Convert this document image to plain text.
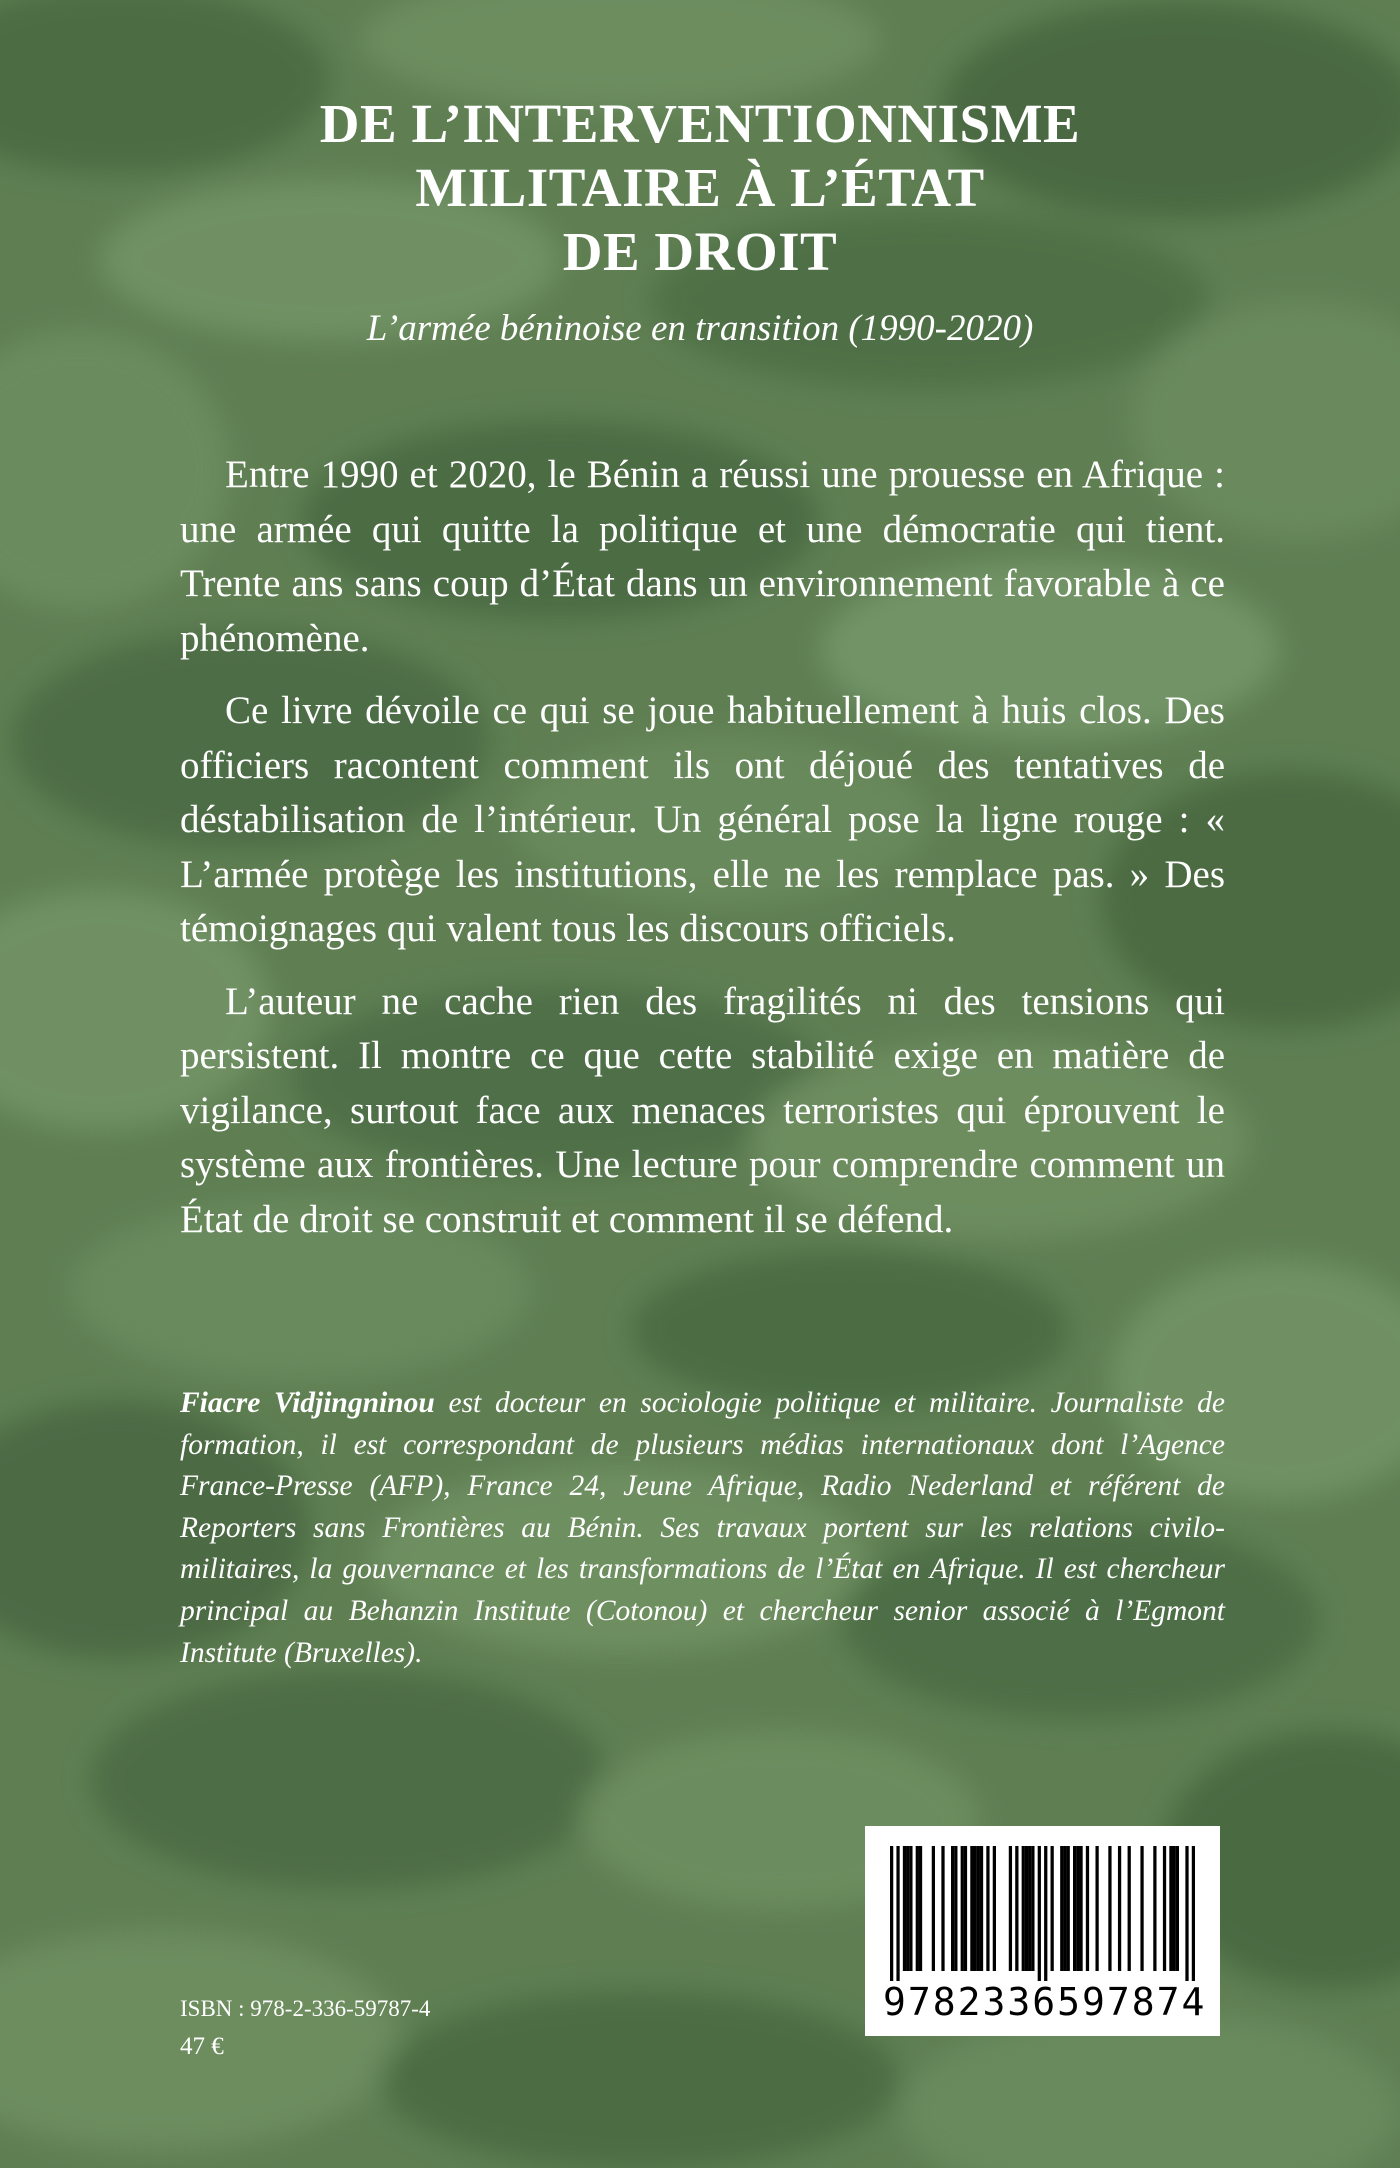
DE L’INTERVENTIONNISME
MILITAIRE À L’ÉTAT
DE DROIT
L’armée béninoise en transition (1990-2020)

Entre 1990 et 2020, le Bénin a réussi une prouesse en Afrique : une armée qui quitte la politique et une démocratie qui tient. Trente ans sans coup d’État dans un environnement favorable à ce phénomène.

Ce livre dévoile ce qui se joue habituellement à huis clos. Des officiers racontent comment ils ont déjoué des tentatives de déstabilisation de l’intérieur. Un général pose la ligne rouge : « L’armée protège les institutions, elle ne les remplace pas. » Des témoignages qui valent tous les discours officiels.

L’auteur ne cache rien des fragilités ni des tensions qui persistent. Il montre ce que cette stabilité exige en matière de vigilance, surtout face aux menaces terroristes qui éprouvent le système aux frontières. Une lecture pour comprendre comment un État de droit se construit et comment il se défend.

Fiacre Vidjingninou est docteur en sociologie politique et militaire. Journaliste de formation, il est correspondant de plusieurs médias internationaux dont l’Agence France-Presse (AFP), France 24, Jeune Afrique, Radio Nederland et référent de Reporters sans Frontières au Bénin. Ses travaux portent sur les relations civilo-militaires, la gouvernance et les transformations de l’État en Afrique. Il est chercheur principal au Behanzin Institute (Cotonou) et chercheur senior associé à l’Egmont Institute (Bruxelles).
9782336597874
ISBN : 978-2-336-59787-4
47 €
